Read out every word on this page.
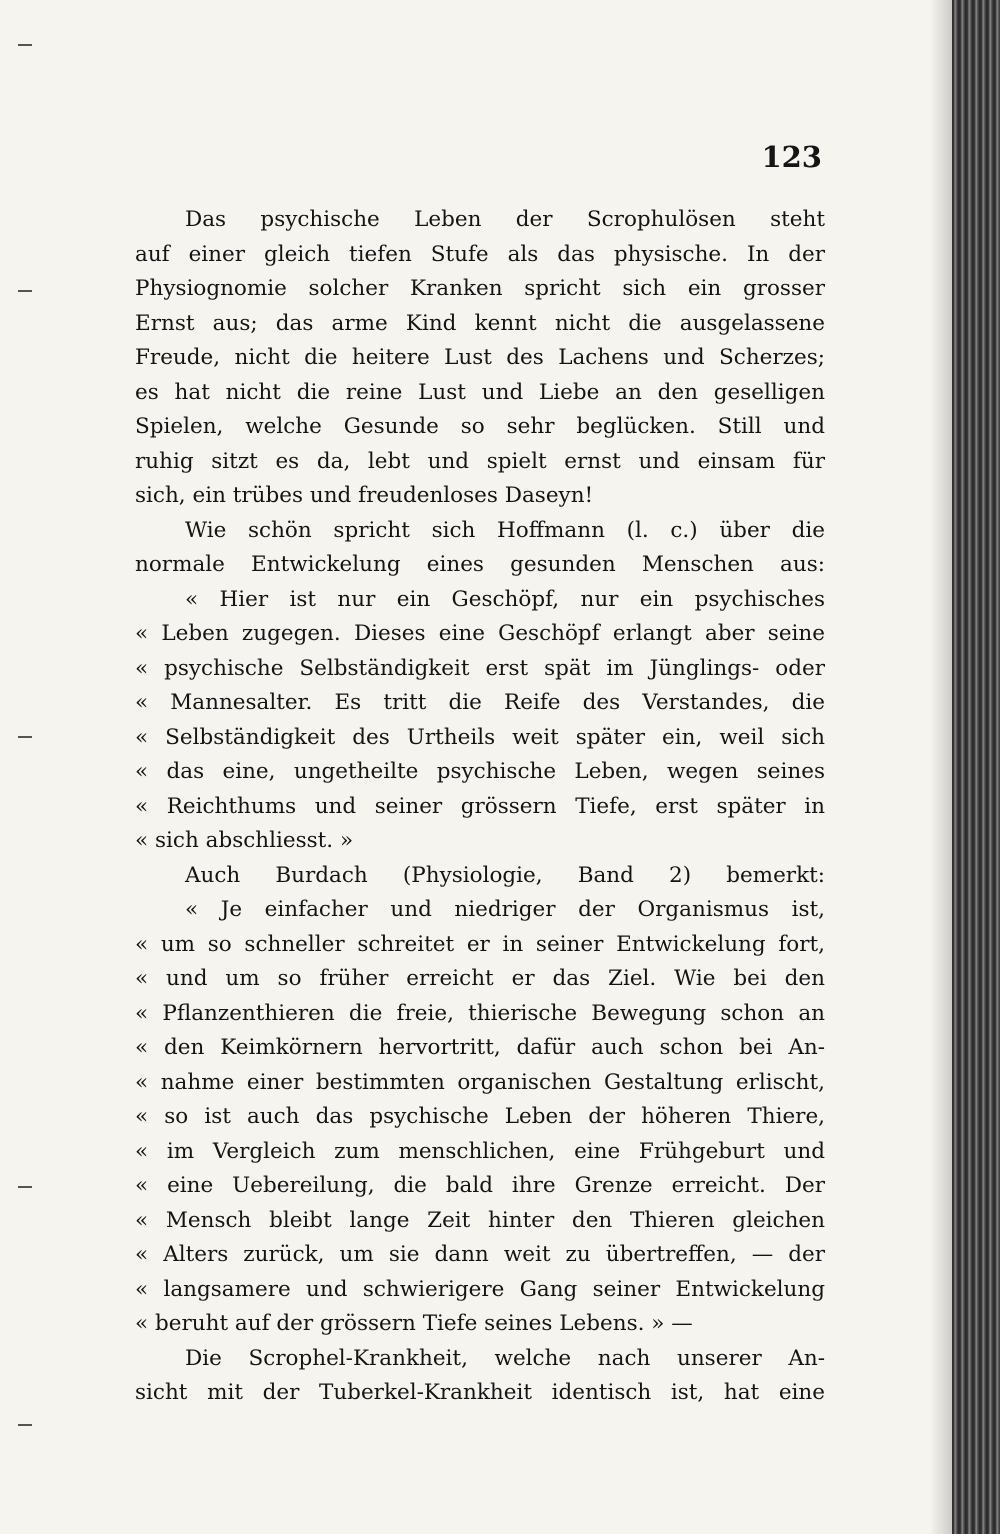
123
Das psychische Leben der Scrophulösen steht
auf einer gleich tiefen Stufe als das physische. In der
Physiognomie solcher Kranken spricht sich ein grosser
Ernst aus; das arme Kind kennt nicht die ausgelassene
Freude, nicht die heitere Lust des Lachens und Scherzes;
es hat nicht die reine Lust und Liebe an den geselligen
Spielen, welche Gesunde so sehr beglücken. Still und
ruhig sitzt es da, lebt und spielt ernst und einsam für
sich, ein trübes und freudenloses Daseyn!
Wie schön spricht sich Hoffmann (l. c.) über die
normale Entwickelung eines gesunden Menschen aus:
« Hier ist nur ein Geschöpf, nur ein psychisches
« Leben zugegen. Dieses eine Geschöpf erlangt aber seine
« psychische Selbständigkeit erst spät im Jünglings- oder
« Mannesalter. Es tritt die Reife des Verstandes, die
« Selbständigkeit des Urtheils weit später ein, weil sich
« das eine, ungetheilte psychische Leben, wegen seines
« Reichthums und seiner grössern Tiefe, erst später in
« sich abschliesst. »
Auch Burdach (Physiologie, Band 2) bemerkt:
« Je einfacher und niedriger der Organismus ist,
« um so schneller schreitet er in seiner Entwickelung fort,
« und um so früher erreicht er das Ziel. Wie bei den
« Pflanzenthieren die freie, thierische Bewegung schon an
« den Keimkörnern hervortritt, dafür auch schon bei An-
« nahme einer bestimmten organischen Gestaltung erlischt,
« so ist auch das psychische Leben der höheren Thiere,
« im Vergleich zum menschlichen, eine Frühgeburt und
« eine Uebereilung, die bald ihre Grenze erreicht. Der
« Mensch bleibt lange Zeit hinter den Thieren gleichen
« Alters zurück, um sie dann weit zu übertreffen, — der
« langsamere und schwierigere Gang seiner Entwickelung
« beruht auf der grössern Tiefe seines Lebens. » —
Die Scrophel-Krankheit, welche nach unserer An-
sicht mit der Tuberkel-Krankheit identisch ist, hat eine
